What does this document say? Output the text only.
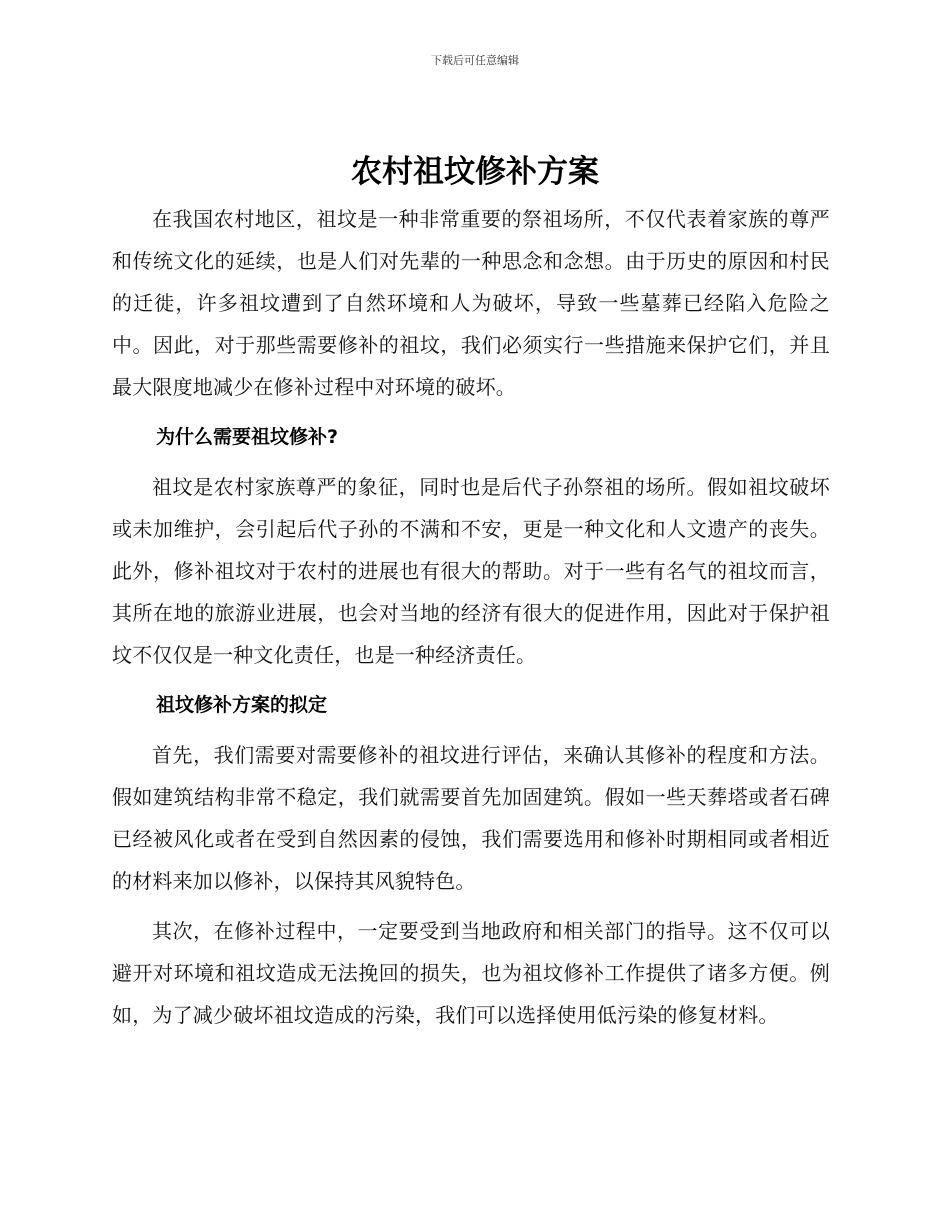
下载后可任意编辑
农村祖坟修补方案

在我国农村地区，祖坟是一种非常重要的祭祖场所，不仅代表着家族的尊严和传统文化的延续，也是人们对先辈的一种思念和念想。由于历史的原因和村民的迁徙，许多祖坟遭到了自然环境和人为破坏，导致一些墓葬已经陷入危险之中。因此，对于那些需要修补的祖坟，我们必须实行一些措施来保护它们，并且最大限度地减少在修补过程中对环境的破坏。

为什么需要祖坟修补?

祖坟是农村家族尊严的象征，同时也是后代子孙祭祖的场所。假如祖坟破坏或未加维护，会引起后代子孙的不满和不安，更是一种文化和人文遗产的丧失。此外，修补祖坟对于农村的进展也有很大的帮助。对于一些有名气的祖坟而言，其所在地的旅游业进展，也会对当地的经济有很大的促进作用，因此对于保护祖坟不仅仅是一种文化责任，也是一种经济责任。

祖坟修补方案的拟定

首先，我们需要对需要修补的祖坟进行评估，来确认其修补的程度和方法。假如建筑结构非常不稳定，我们就需要首先加固建筑。假如一些天葬塔或者石碑已经被风化或者在受到自然因素的侵蚀，我们需要选用和修补时期相同或者相近的材料来加以修补，以保持其风貌特色。

其次，在修补过程中，一定要受到当地政府和相关部门的指导。这不仅可以避开对环境和祖坟造成无法挽回的损失，也为祖坟修补工作提供了诸多方便。例如，为了减少破坏祖坟造成的污染，我们可以选择使用低污染的修复材料。
